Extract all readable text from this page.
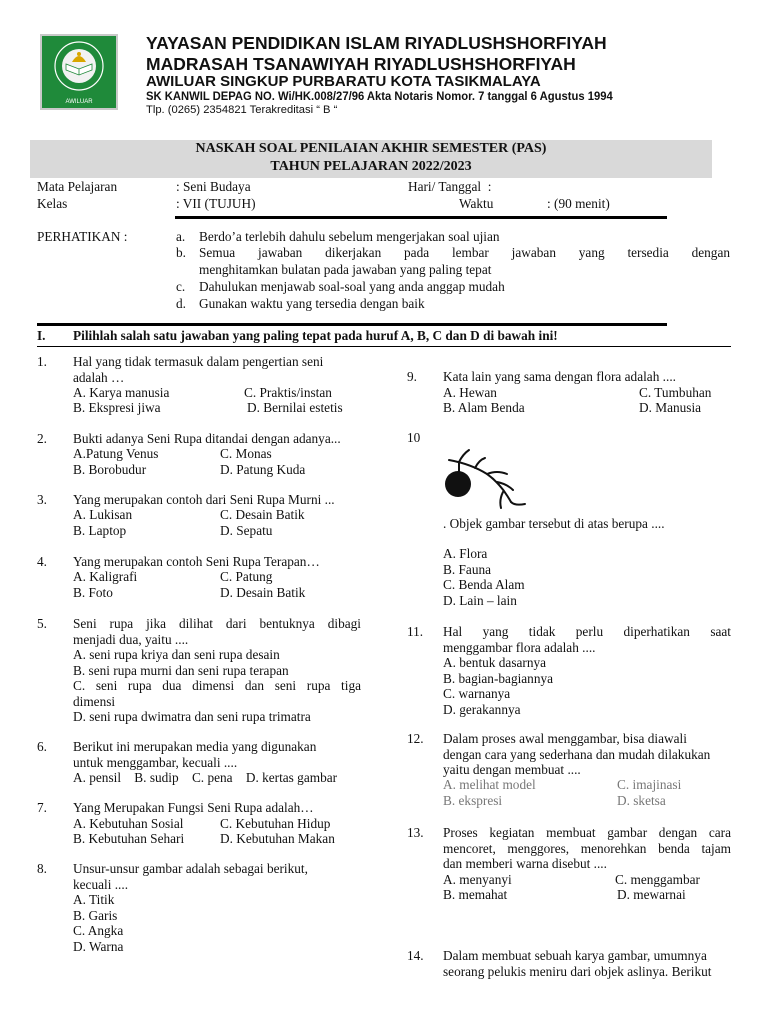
AWILUAR
YAYASAN PENDIDIKAN ISLAM RIYADLUSHSHORFIYAH
MADRASAH TSANAWIYAH RIYADLUSHSHORFIYAH
AWILUAR SINGKUP PURBARATU KOTA TASIKMALAYA
SK KANWIL DEPAG NO. Wi/HK.008/27/96 Akta Notaris Nomor. 7 tanggal 6 Agustus 1994
Tlp. (0265) 2354821 Terakreditasi “ B “
NASKAH SOAL PENILAIAN AKHIR SEMESTER (PAS)
TAHUN PELAJARAN 2022/2023
Mata Pelajaran	: Seni Budaya	Hari/ Tanggal  :
Kelas	: VII (TUJUH)	Waktu	: (90 menit)
PERHATIKAN :	a. Berdo’a terlebih dahulu sebelum mengerjakan soal ujian
b. Semua jawaban dikerjakan pada lembar jawaban yang tersedia dengan
menghitamkan bulatan pada jawaban yang paling tepat
c. Dahulukan menjawab soal-soal yang anda anggap mudah
d. Gunakan waktu yang tersedia dengan baik
I. Pilihlah salah satu jawaban yang paling tepat pada huruf A, B, C dan D di bawah ini!
1. Hal yang tidak termasuk dalam pengertian seni
adalah …
A. Karya manusia	C. Praktis/instan
B. Ekspresi jiwa	D. Bernilai estetis
2. Bukti adanya Seni Rupa ditandai dengan adanya...
A.Patung Venus	C. Monas
B. Borobudur	D. Patung Kuda
3. Yang merupakan contoh dari Seni Rupa Murni ...
A. Lukisan	C. Desain Batik
B. Laptop	D. Sepatu
4. Yang merupakan contoh Seni Rupa Terapan…
A. Kaligrafi	C. Patung
B. Foto	D. Desain Batik
5. Seni rupa jika dilihat dari bentuknya dibagi
menjadi dua, yaitu ....
A. seni rupa kriya dan seni rupa desain
B. seni rupa murni dan seni rupa terapan
C. seni rupa dua dimensi dan seni rupa tiga
dimensi
D. seni rupa dwimatra dan seni rupa trimatra
6. Berikut ini merupakan media yang digunakan
untuk menggambar, kecuali ....
A. pensil    B. sudip    C. pena    D. kertas gambar
7. Yang Merupakan Fungsi Seni Rupa adalah…
A. Kebutuhan Sosial	C. Kebutuhan Hidup
B. Kebutuhan Sehari	D. Kebutuhan Makan
8. Unsur-unsur gambar adalah sebagai berikut,
kecuali ....
A. Titik
B. Garis
C. Angka
D. Warna
9. Kata lain yang sama dengan flora adalah ....
A. Hewan	C. Tumbuhan
B. Alam Benda	D. Manusia
10
. Objek gambar tersebut di atas berupa ....
A. Flora
B. Fauna
C. Benda Alam
D. Lain – lain
11. Hal yang tidak perlu diperhatikan saat
menggambar flora adalah ....
A. bentuk dasarnya
B. bagian-bagiannya
C. warnanya
D. gerakannya
12. Dalam proses awal menggambar, bisa diawali
dengan cara yang sederhana dan mudah dilakukan
yaitu dengan membuat ....
A. melihat model	C. imajinasi
B. ekspresi	D. sketsa
13. Proses kegiatan membuat gambar dengan cara
mencoret, menggores, menorehkan benda tajam
dan memberi warna disebut ....
A. menyanyi	C. menggambar
B. memahat	D. mewarnai
14. Dalam membuat sebuah karya gambar, umumnya
seorang pelukis meniru dari objek aslinya. Berikut
